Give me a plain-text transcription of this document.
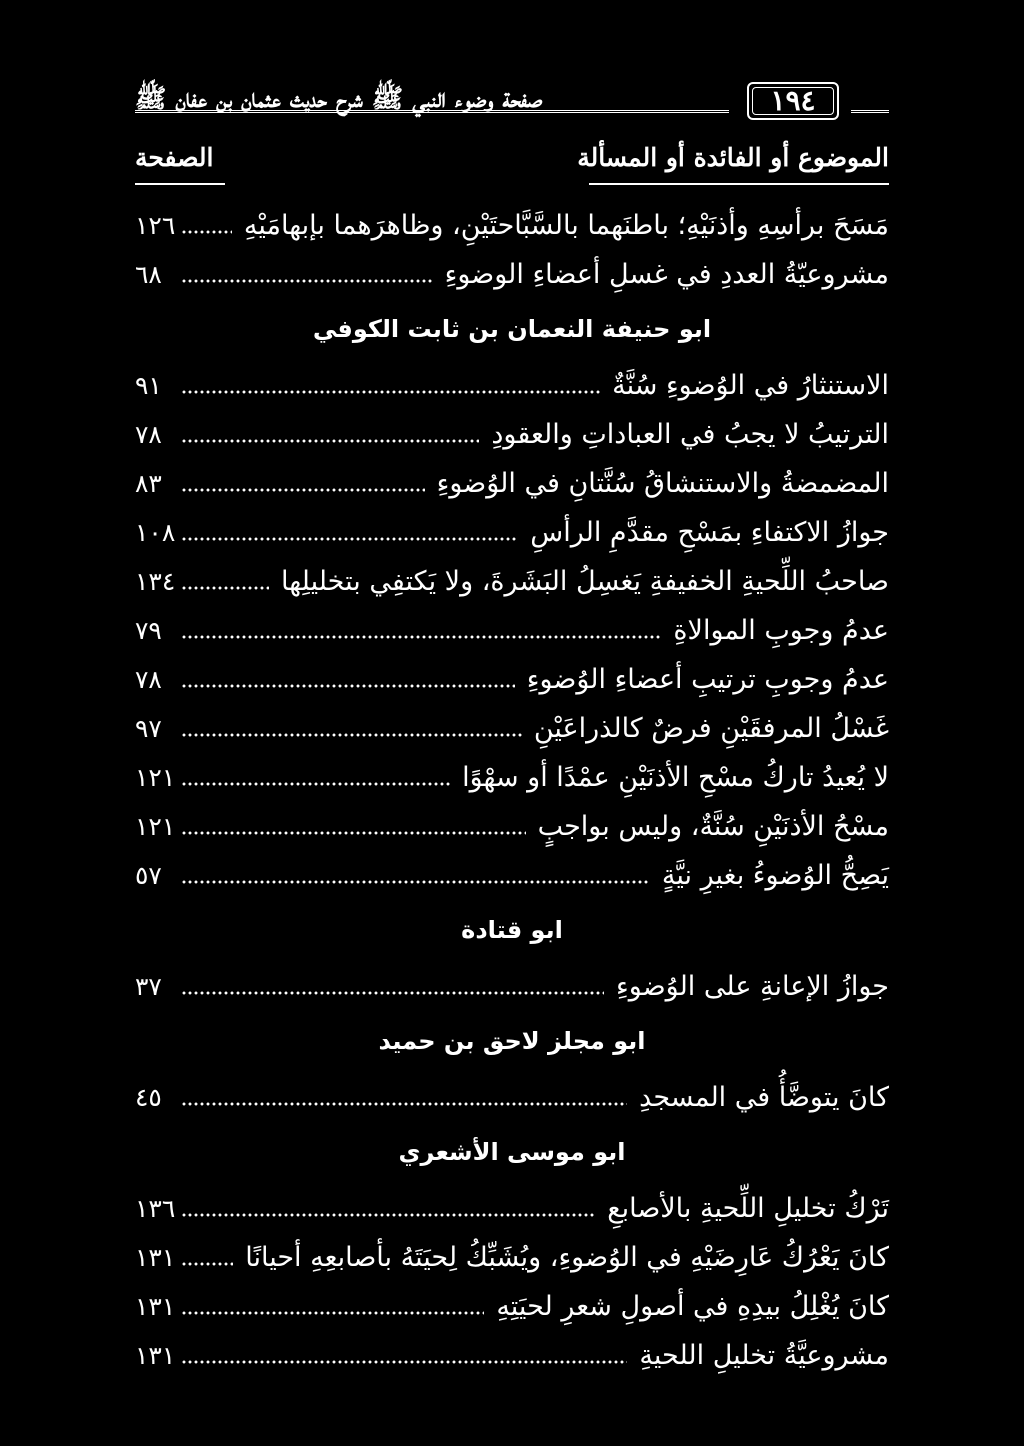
١٩٤
صفحة وضوء النبي ﷺ شرح حديث عثمان بن عفان ﷺ
الموضوع أو الفائدة أو المسألة
الصفحة
مَسَحَ برأسِهِ وأذنَيْهِ؛ باطنَهما بالسَّبَّاحتَيْنِ، وظاهرَهما بإبهامَيْهِ
١٢٦
مشروعيّةُ العددِ في غسلِ أعضاءِ الوضوءِ
٦٨
ابو حنيفة النعمان بن ثابت الكوفي
الاستنثارُ في الوُضوءِ سُنَّةٌ
٩١
الترتيبُ لا يجبُ في العباداتِ والعقودِ
٧٨
المضمضةُ والاستنشاقُ سُنَّتانِ في الوُضوءِ
٨٣
جوازُ الاكتفاءِ بمَسْحِ مقدَّمِ الرأسِ
١٠٨
صاحبُ اللِّحيةِ الخفيفةِ يَغسِلُ البَشَرةَ، ولا يَكتفِي بتخليلِها
١٣٤
عدمُ وجوبِ الموالاةِ
٧٩
عدمُ وجوبِ ترتيبِ أعضاءِ الوُضوءِ
٧٨
غَسْلُ المرفقَيْنِ فرضٌ كالذراعَيْنِ
٩٧
لا يُعيدُ تاركُ مسْحِ الأذنَيْنِ عمْدًا أو سهْوًا
١٢١
مسْحُ الأذنَيْنِ سُنَّةٌ، وليس بواجبٍ
١٢١
يَصِحُّ الوُضوءُ بغيرِ نيَّةٍ
٥٧
ابو قتادة
جوازُ الإعانةِ على الوُضوءِ
٣٧
ابو مجلز لاحق بن حميد
كانَ يتوضَّأُ في المسجدِ
٤٥
ابو موسى الأشعري
تَرْكُ تخليلِ اللِّحيةِ بالأصابعِ
١٣٦
كانَ يَعْرُكُ عَارِضَيْهِ في الوُضوءِ، ويُشَبِّكُ لِحيَتَهُ بأصابعِهِ أحيانًا
١٣١
كانَ يُغْلِلُ بيدِهِ في أصولِ شعرِ لحيَتِهِ
١٣١
مشروعيَّةُ تخليلِ اللحيةِ
١٣١
